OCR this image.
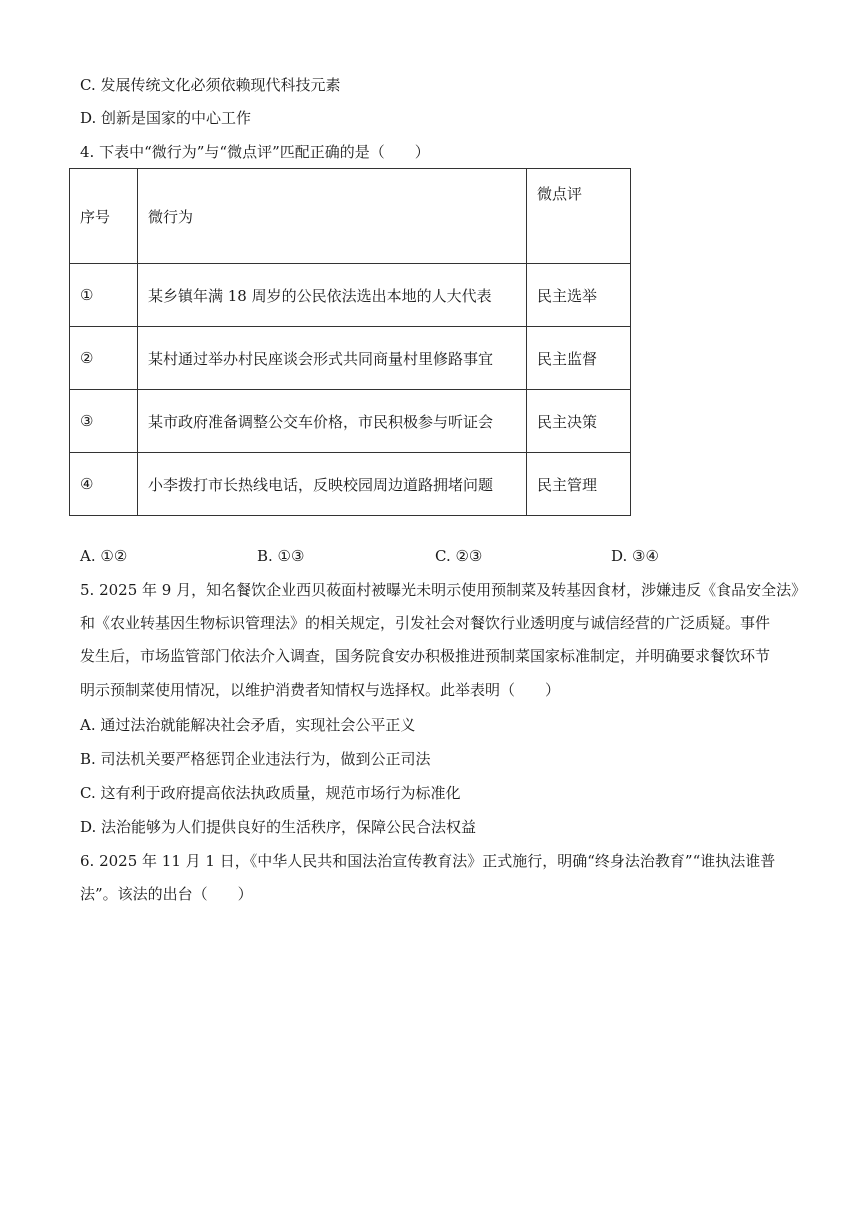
C. 发展传统文化必须依赖现代科技元素
D. 创新是国家的中心工作
4. 下表中“微行为”与“微点评”匹配正确的是（　　）
序号	微行为	微点评
①	某乡镇年满 18 周岁的公民依法选出本地的人大代表	民主选举
②	某村通过举办村民座谈会形式共同商量村里修路事宜	民主监督
③	某市政府准备调整公交车价格，市民积极参与听证会	民主决策
④	小李拨打市长热线电话，反映校园周边道路拥堵问题	民主管理
A. ①②	B. ①③	C. ②③	D. ③④
5. 2025 年 9 月，知名餐饮企业西贝莜面村被曝光未明示使用预制菜及转基因食材，涉嫌违反《食品安全法》
和《农业转基因生物标识管理法》的相关规定，引发社会对餐饮行业透明度与诚信经营的广泛质疑。事件
发生后，市场监管部门依法介入调查，国务院食安办积极推进预制菜国家标准制定，并明确要求餐饮环节
明示预制菜使用情况，以维护消费者知情权与选择权。此举表明（　　）
A. 通过法治就能解决社会矛盾，实现社会公平正义
B. 司法机关要严格惩罚企业违法行为，做到公正司法
C. 这有利于政府提高依法执政质量，规范市场行为标准化
D. 法治能够为人们提供良好的生活秩序，保障公民合法权益
6. 2025 年 11 月 1 日，《中华人民共和国法治宣传教育法》正式施行，明确“终身法治教育”“谁执法谁普
法”。该法的出台（　　）
